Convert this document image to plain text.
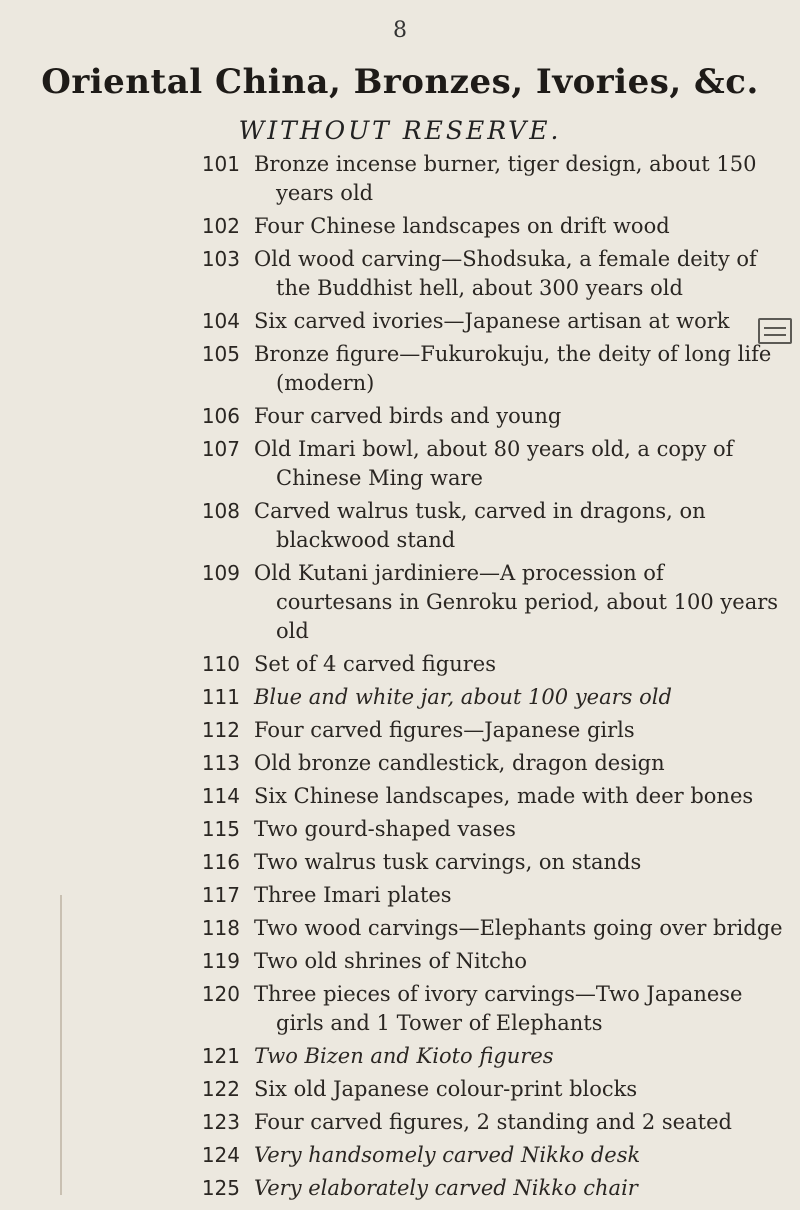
8
Oriental China, Bronzes, Ivories, &c.
WITHOUT RESERVE.
101 Bronze incense burner, tiger design, about 150 years old
102 Four Chinese landscapes on drift wood
103 Old wood carving—Shodsuka, a female deity of the Buddhist hell, about 300 years old
104 Six carved ivories—Japanese artisan at work
105 Bronze figure—Fukurokuju, the deity of long life (modern)
106 Four carved birds and young
107 Old Imari bowl, about 80 years old, a copy of Chinese Ming ware
108 Carved walrus tusk, carved in dragons, on blackwood stand
109 Old Kutani jardiniere—A procession of courtesans in Genroku period, about 100 years old
110 Set of 4 carved figures
111 Blue and white jar, about 100 years old
112 Four carved figures—Japanese girls
113 Old bronze candlestick, dragon design
114 Six Chinese landscapes, made with deer bones
115 Two gourd-shaped vases
116 Two walrus tusk carvings, on stands
117 Three Imari plates
118 Two wood carvings—Elephants going over bridge
119 Two old shrines of Nitcho
120 Three pieces of ivory carvings—Two Japanese girls and 1 Tower of Elephants
121 Two Bizen and Kioto figures
122 Six old Japanese colour-print blocks
123 Four carved figures, 2 standing and 2 seated
124 Very handsomely carved Nikko desk
125 Very elaborately carved Nikko chair
